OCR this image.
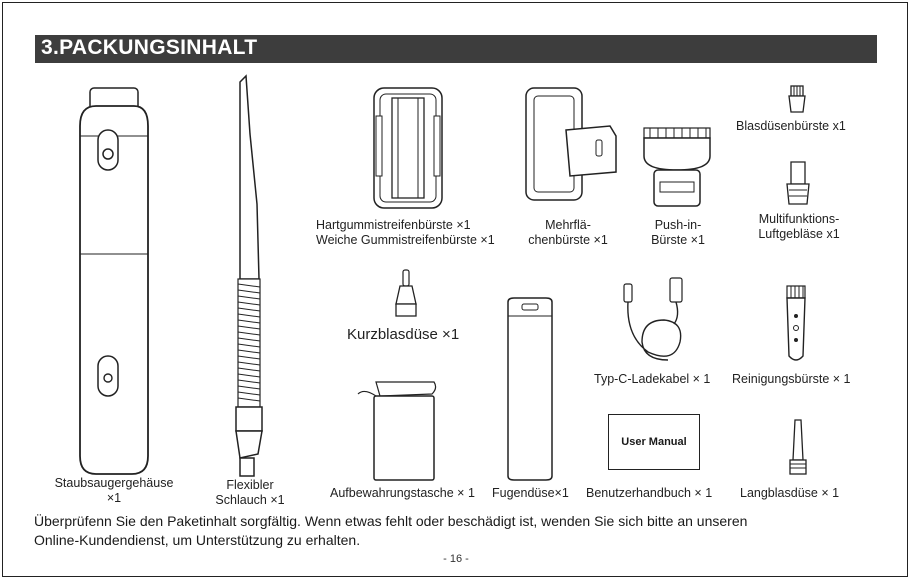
3.PACKUNGSINHALT
Staubsaugergehäuse
×1
Flexibler
Schlauch ×1
Hartgummistreifenbürste ×1
Weiche Gummistreifenbürste ×1
Mehrflä-
chenbürste ×1
Push-in-
Bürste ×1
Blasdüsenbürste x1
Multifunktions-
Luftgebläse x1
Kurzblasdüse ×1
Aufbewahrungstasche × 1 Fugendüse×1
Typ-C-Ladekabel × 1 Reinigungsbürste × 1
User Manual
Benutzerhandbuch × 1 Langblasdüse × 1
Überprüfenn Sie den Paketinhalt sorgfältig. Wenn etwas fehlt oder beschädigt ist, wenden Sie sich bitte an unseren
Online-Kundendienst, um Unterstützung zu erhalten.
- 16 -
